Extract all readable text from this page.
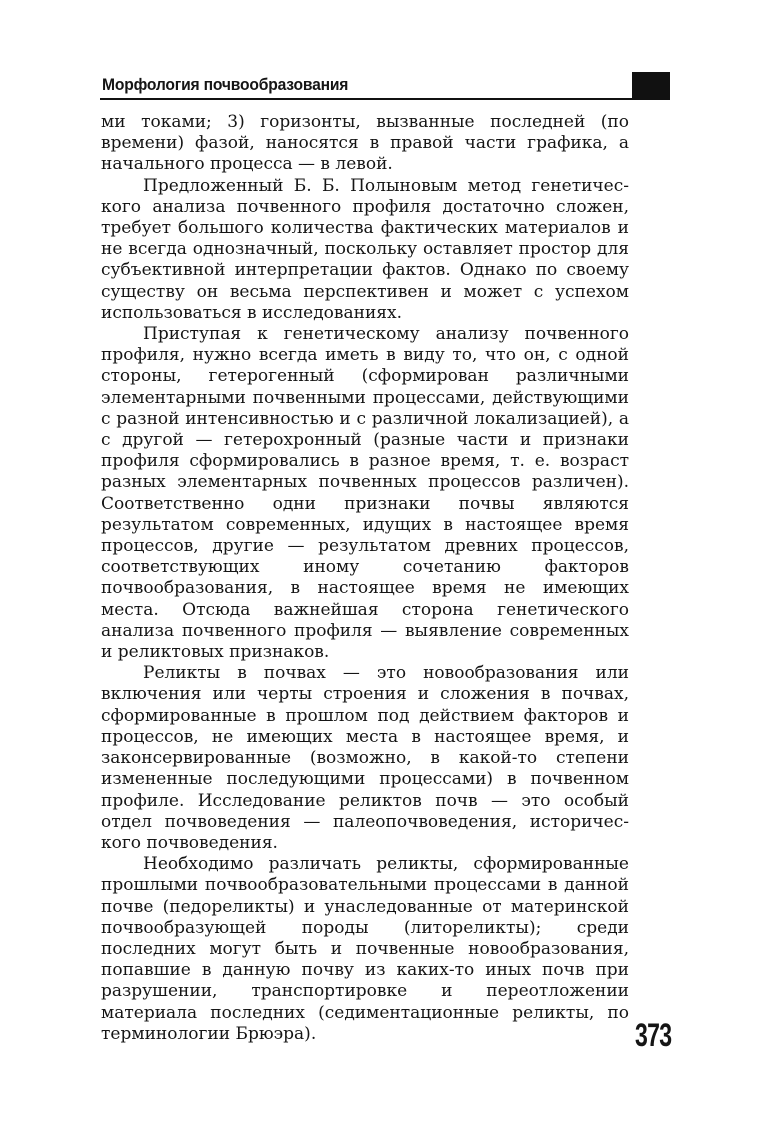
Морфология почвообразования

ми токами; 3) горизонты, вызванные последней (по времени) фазой, наносятся в правой части графика, а начального процесса — в левой.

Предложенный Б. Б. Полыновым метод генетического анализа почвенного профиля достаточно сложен, требует большого количества фактических материалов и не всегда однозначный, поскольку оставляет простор для субъективной интерпретации фактов. Однако по своему существу он весьма перспективен и может с успехом использоваться в исследованиях.

Приступая к генетическому анализу почвенного профиля, нужно всегда иметь в виду то, что он, с одной стороны, гетерогенный (сформирован различными элементарными почвенными процессами, действующими с разной интенсивностью и с различной локализацией), а с другой — гетерохронный (разные части и признаки профиля сформировались в разное время, т. е. возраст разных элементарных почвенных процессов различен). Соответственно одни признаки почвы являются результатом современных, идущих в настоящее время процессов, другие — результатом древних процессов, соответствующих иному сочетанию факторов почвообразования, в настоящее время не имеющих места. Отсюда важнейшая сторона генетического анализа почвенного профиля — выявление современных и реликтовых признаков.

Реликты в почвах — это новообразования или включения или черты строения и сложения в почвах, сформированные в прошлом под действием факторов и процессов, не имеющих места в настоящее время, и законсервированные (возможно, в какой-то степени измененные последующими процессами) в почвенном профиле. Исследование реликтов почв — это особый отдел почвоведения — палеопочвоведения, исторического почвоведения.

Необходимо различать реликты, сформированные прошлыми почвообразовательными процессами в данной почве (педореликты) и унаследованные от материнской почвообразующей породы (литореликты); среди последних могут быть и почвенные новообразования, попавшие в данную почву из каких-то иных почв при разрушении, транспортировке и переотложении материала последних (седиментационные реликты, по терминологии Брюэра).	373
